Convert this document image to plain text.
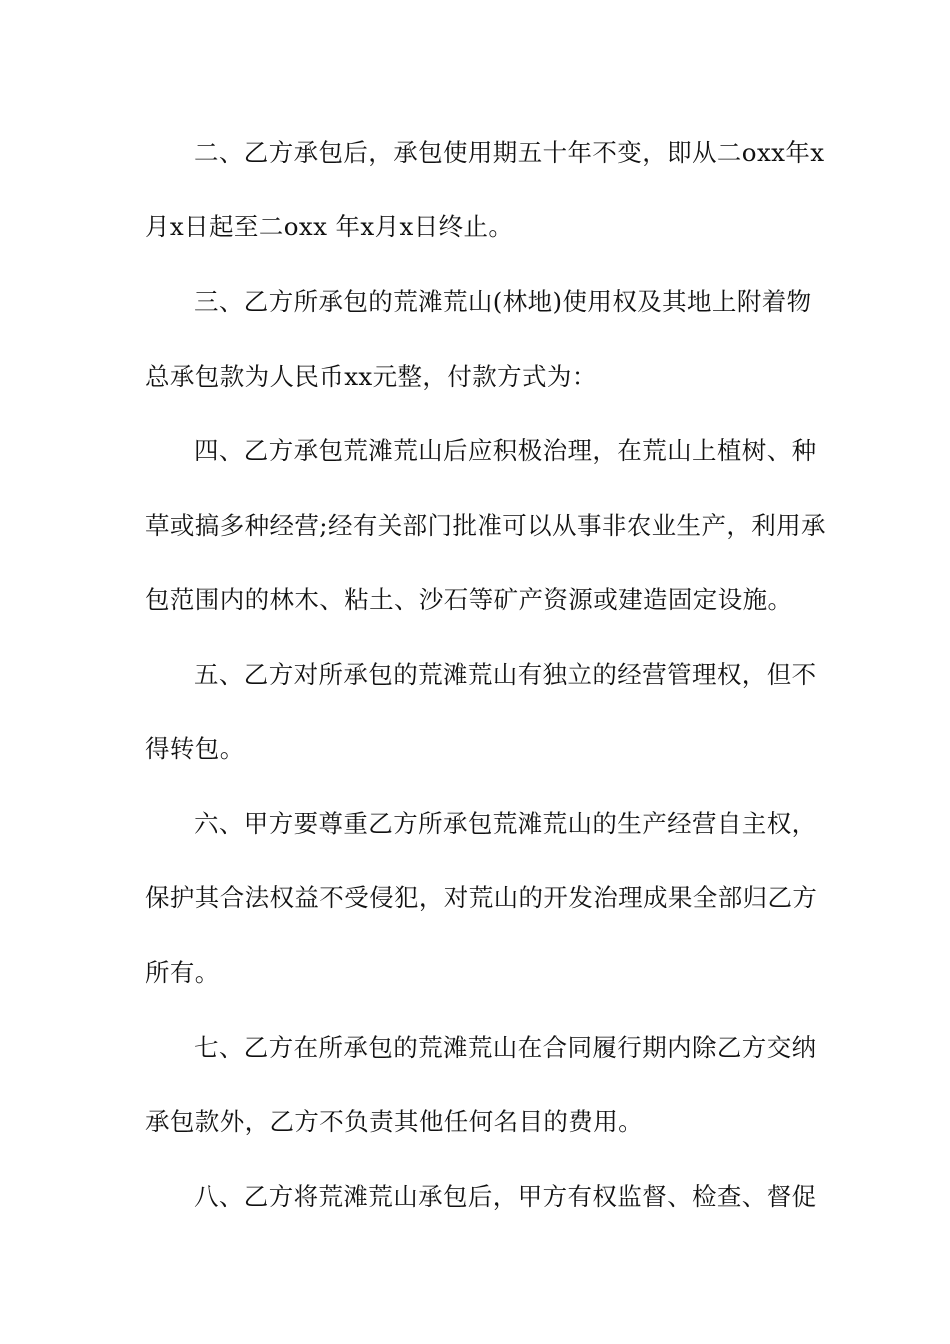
二、乙方承包后，承包使用期五十年不变，即从二oxx年x
月x日起至二oxx 年x月x日终止。
三、乙方所承包的荒滩荒山(林地)使用权及其地上附着物
总承包款为人民币xx元整，付款方式为：
四、乙方承包荒滩荒山后应积极治理，在荒山上植树、种
草或搞多种经营;经有关部门批准可以从事非农业生产，利用承
包范围内的林木、粘土、沙石等矿产资源或建造固定设施。
五、乙方对所承包的荒滩荒山有独立的经营管理权，但不
得转包。
六、甲方要尊重乙方所承包荒滩荒山的生产经营自主权，
保护其合法权益不受侵犯，对荒山的开发治理成果全部归乙方
所有。
七、乙方在所承包的荒滩荒山在合同履行期内除乙方交纳
承包款外，乙方不负责其他任何名目的费用。
八、乙方将荒滩荒山承包后，甲方有权监督、检查、督促
